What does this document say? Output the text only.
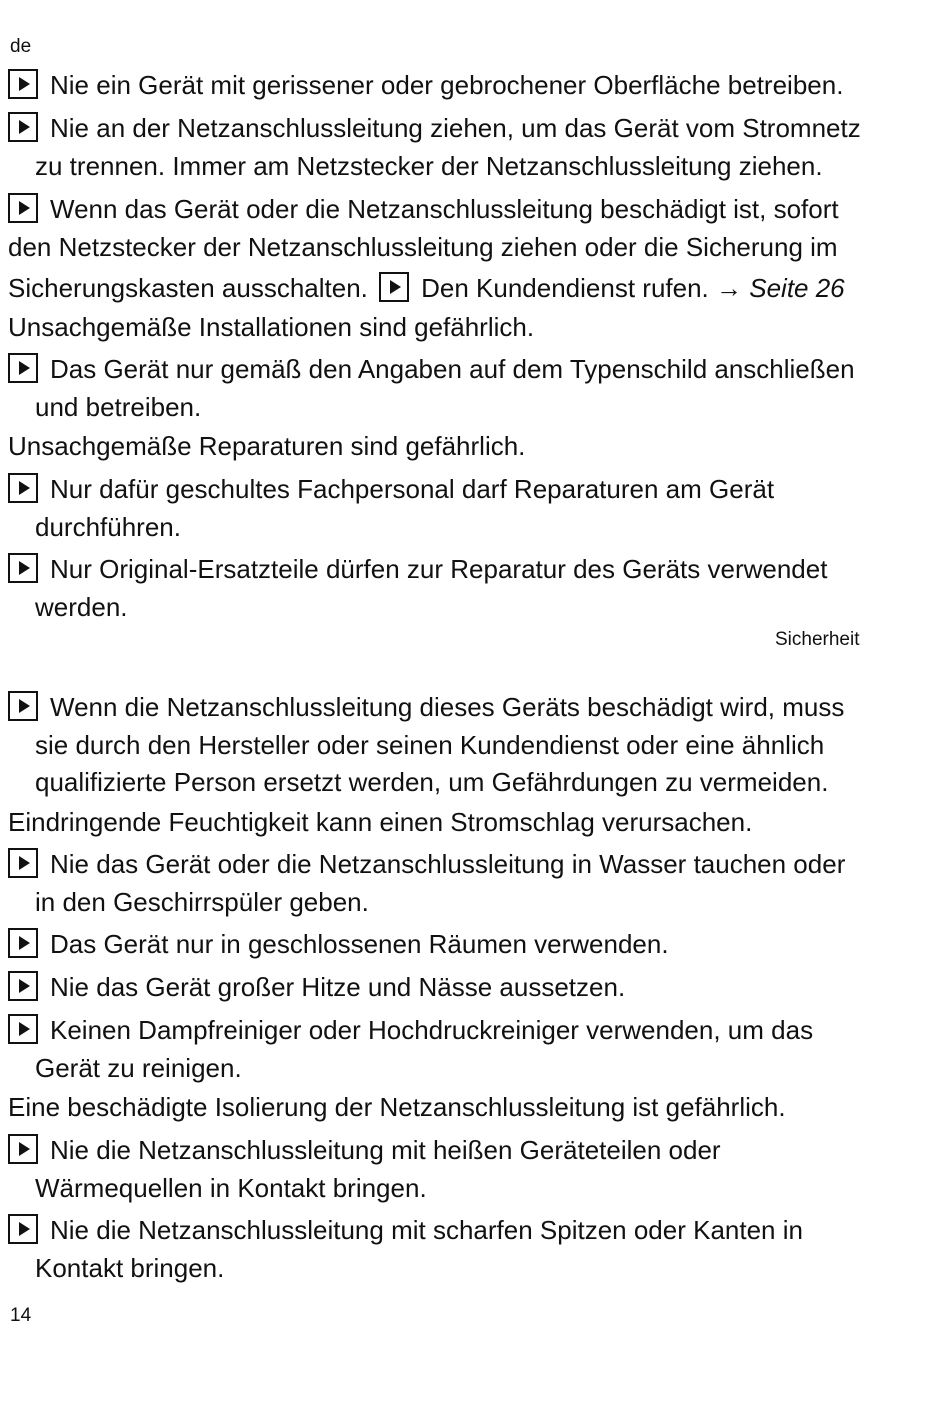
de
Nie ein Gerät mit gerissener oder gebrochener Oberfläche betreiben.
Nie an der Netzanschlussleitung ziehen, um das Gerät vom Stromnetz
zu trennen. Immer am Netzstecker der Netzanschlussleitung ziehen.
Wenn das Gerät oder die Netzanschlussleitung beschädigt ist, sofort
den Netzstecker der Netzanschlussleitung ziehen oder die Sicherung im
Sicherungskasten ausschalten. Den Kundendienst rufen. → Seite 26
Unsachgemäße Installationen sind gefährlich.
Das Gerät nur gemäß den Angaben auf dem Typenschild anschließen
und betreiben.
Unsachgemäße Reparaturen sind gefährlich.
Nur dafür geschultes Fachpersonal darf Reparaturen am Gerät
durchführen.
Nur Original-Ersatzteile dürfen zur Reparatur des Geräts verwendet
werden.
Sicherheit
Wenn die Netzanschlussleitung dieses Geräts beschädigt wird, muss
sie durch den Hersteller oder seinen Kundendienst oder eine ähnlich
qualifizierte Person ersetzt werden, um Gefährdungen zu vermeiden.
Eindringende Feuchtigkeit kann einen Stromschlag verursachen.
Nie das Gerät oder die Netzanschlussleitung in Wasser tauchen oder
in den Geschirrspüler geben.
Das Gerät nur in geschlossenen Räumen verwenden.
Nie das Gerät großer Hitze und Nässe aussetzen.
Keinen Dampfreiniger oder Hochdruckreiniger verwenden, um das
Gerät zu reinigen.
Eine beschädigte Isolierung der Netzanschlussleitung ist gefährlich.
Nie die Netzanschlussleitung mit heißen Geräteteilen oder
Wärmequellen in Kontakt bringen.
Nie die Netzanschlussleitung mit scharfen Spitzen oder Kanten in
Kontakt bringen.
14
